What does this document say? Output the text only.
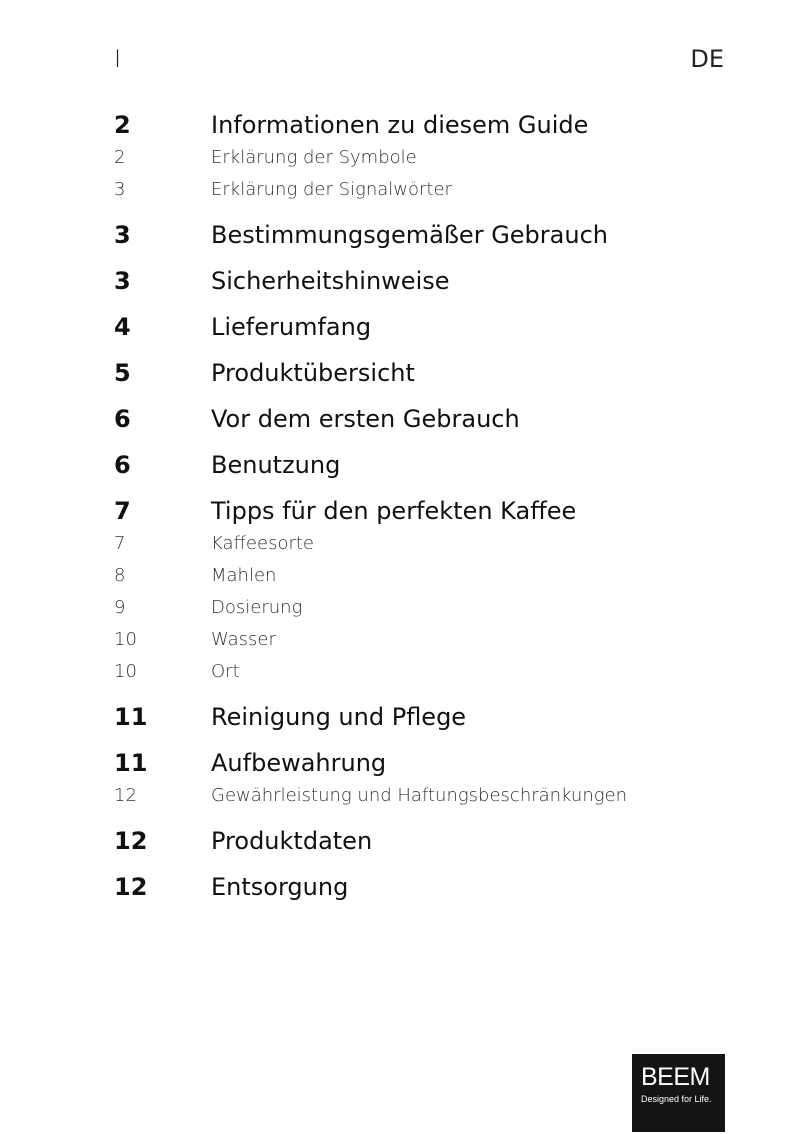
I	DE
2	Informationen zu diesem Guide
2	Erklärung der Symbole
3	Erklärung der Signalwörter
3	Bestimmungsgemäßer Gebrauch
3	Sicherheitshinweise
4	Lieferumfang
5	Produktübersicht
6	Vor dem ersten Gebrauch
6	Benutzung
7	Tipps für den perfekten Kaffee
7	Kaffeesorte
8	Mahlen
9	Dosierung
10	Wasser
10	Ort
11	Reinigung und Pflege
11	Aufbewahrung
12	Gewährleistung und Haftungsbeschränkungen
12	Produktdaten
12	Entsorgung
BEEM
Designed for Life.
